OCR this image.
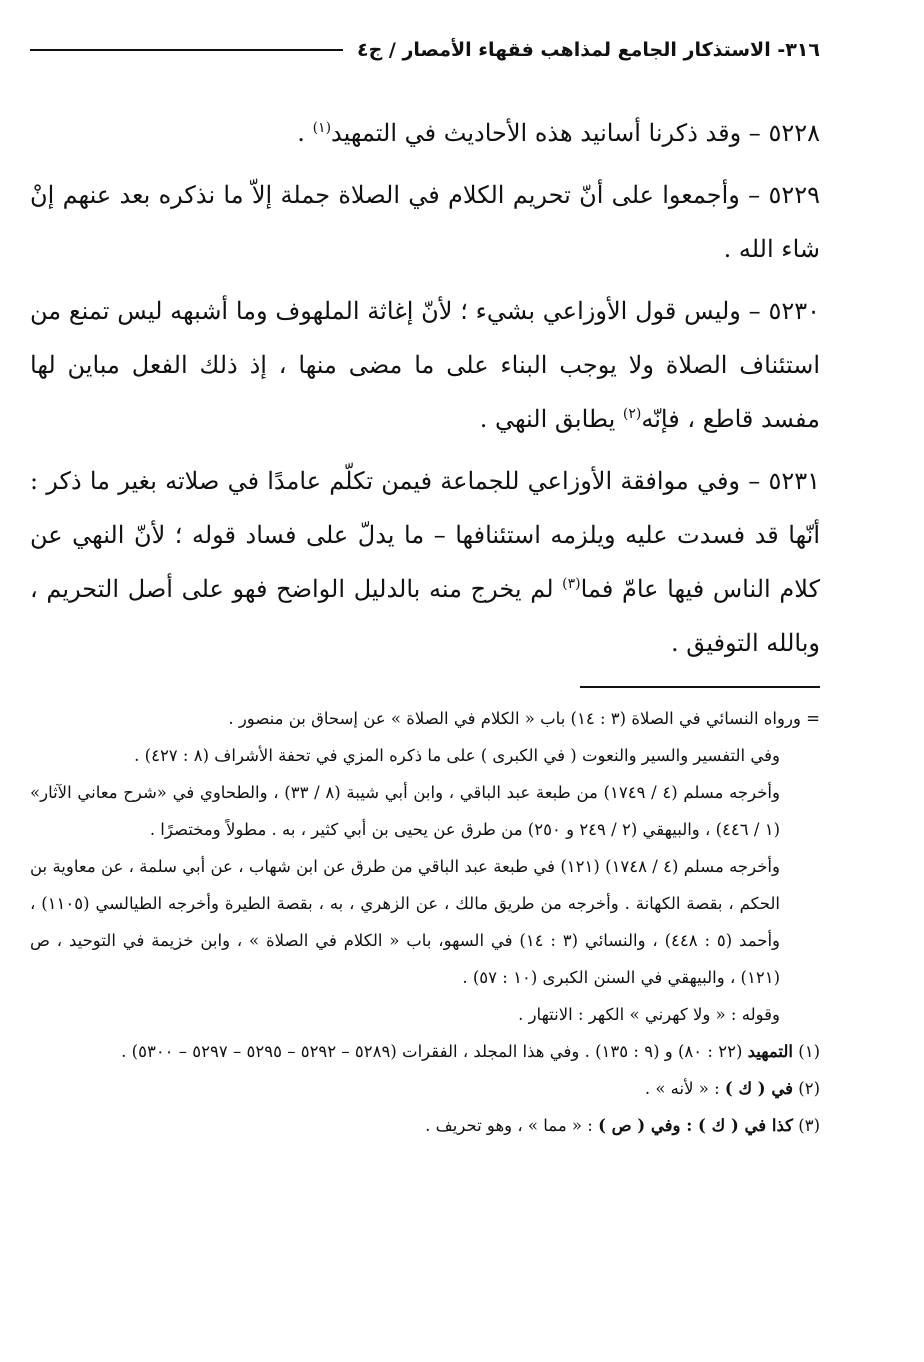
٣١٦- الاستذكار الجامع لمذاهب فقهاء الأمصار / ج٤

٥٢٢٨ – وقد ذكرنا أسانيد هذه الأحاديث في التمهيد$^{(١)}$ .

٥٢٢٩ – وأجمعوا على أنّ تحريم الكلام في الصلاة جملة إلاّ ما نذكره بعد عنهم إنْ شاء الله .

٥٢٣٠ – وليس قول الأوزاعي بشيء ؛ لأنّ إغاثة الملهوف وما أشبهه ليس تمنع من استئناف الصلاة ولا يوجب البناء على ما مضى منها ، إذ ذلك الفعل مباين لها مفسد قاطع ، فإنّه$^{(٢)}$ يطابق النهي .

٥٢٣١ – وفي موافقة الأوزاعي للجماعة فيمن تكلّم عامدًا في صلاته بغير ما ذكر : أنّها قد فسدت عليه ويلزمه استئنافها – ما يدلّ على فساد قوله ؛ لأنّ النهي عن كلام الناس فيها عامّ فما$^{(٣)}$ لم يخرج منه بالدليل الواضح فهو على أصل التحريم ، وبالله التوفيق .

= ورواه النسائي في الصلاة (٣ : ١٤) باب « الكلام في الصلاة » عن إسحاق بن منصور .

وفي التفسير والسير والنعوت ( في الكبرى ) على ما ذكره المزي في تحفة الأشراف (٨ : ٤٢٧) .

وأخرجه مسلم (٤ / ١٧٤٩) من طبعة عبد الباقي ، وابن أبي شيبة (٨ / ٣٣) ، والطحاوي في «شرح معاني الآثار» (١ / ٤٤٦) ، والبيهقي (٢ / ٢٤٩ و ٢٥٠) من طرق عن يحيى بن أبي كثير ، به . مطولاً ومختصرًا .

وأخرجه مسلم (٤ / ١٧٤٨) (١٢١) في طبعة عبد الباقي من طرق عن ابن شهاب ، عن أبي سلمة ، عن معاوية بن الحكم ، بقصة الكهانة . وأخرجه من طريق مالك ، عن الزهري ، به ، بقصة الطيرة وأخرجه الطيالسي (١١٠٥) ، وأحمد (٥ : ٤٤٨) ، والنسائي (٣ : ١٤) في السهو، باب « الكلام في الصلاة » ، وابن خزيمة في التوحيد ، ص (١٢١) ، والبيهقي في السنن الكبرى (١٠ : ٥٧) .

وقوله : « ولا كهرني » الكهر : الانتهار .

(١) التمهيد (٢٢ : ٨٠) و (٩ : ١٣٥) . وفي هذا المجلد ، الفقرات (٥٢٨٩ – ٥٢٩٢ – ٥٢٩٥ – ٥٢٩٧ – ٥٣٠٠) .

(٢) في ( ك ) : « لأنه » .

(٣) كذا في ( ك ) : وفي ( ص ) : « مما » ، وهو تحريف .
